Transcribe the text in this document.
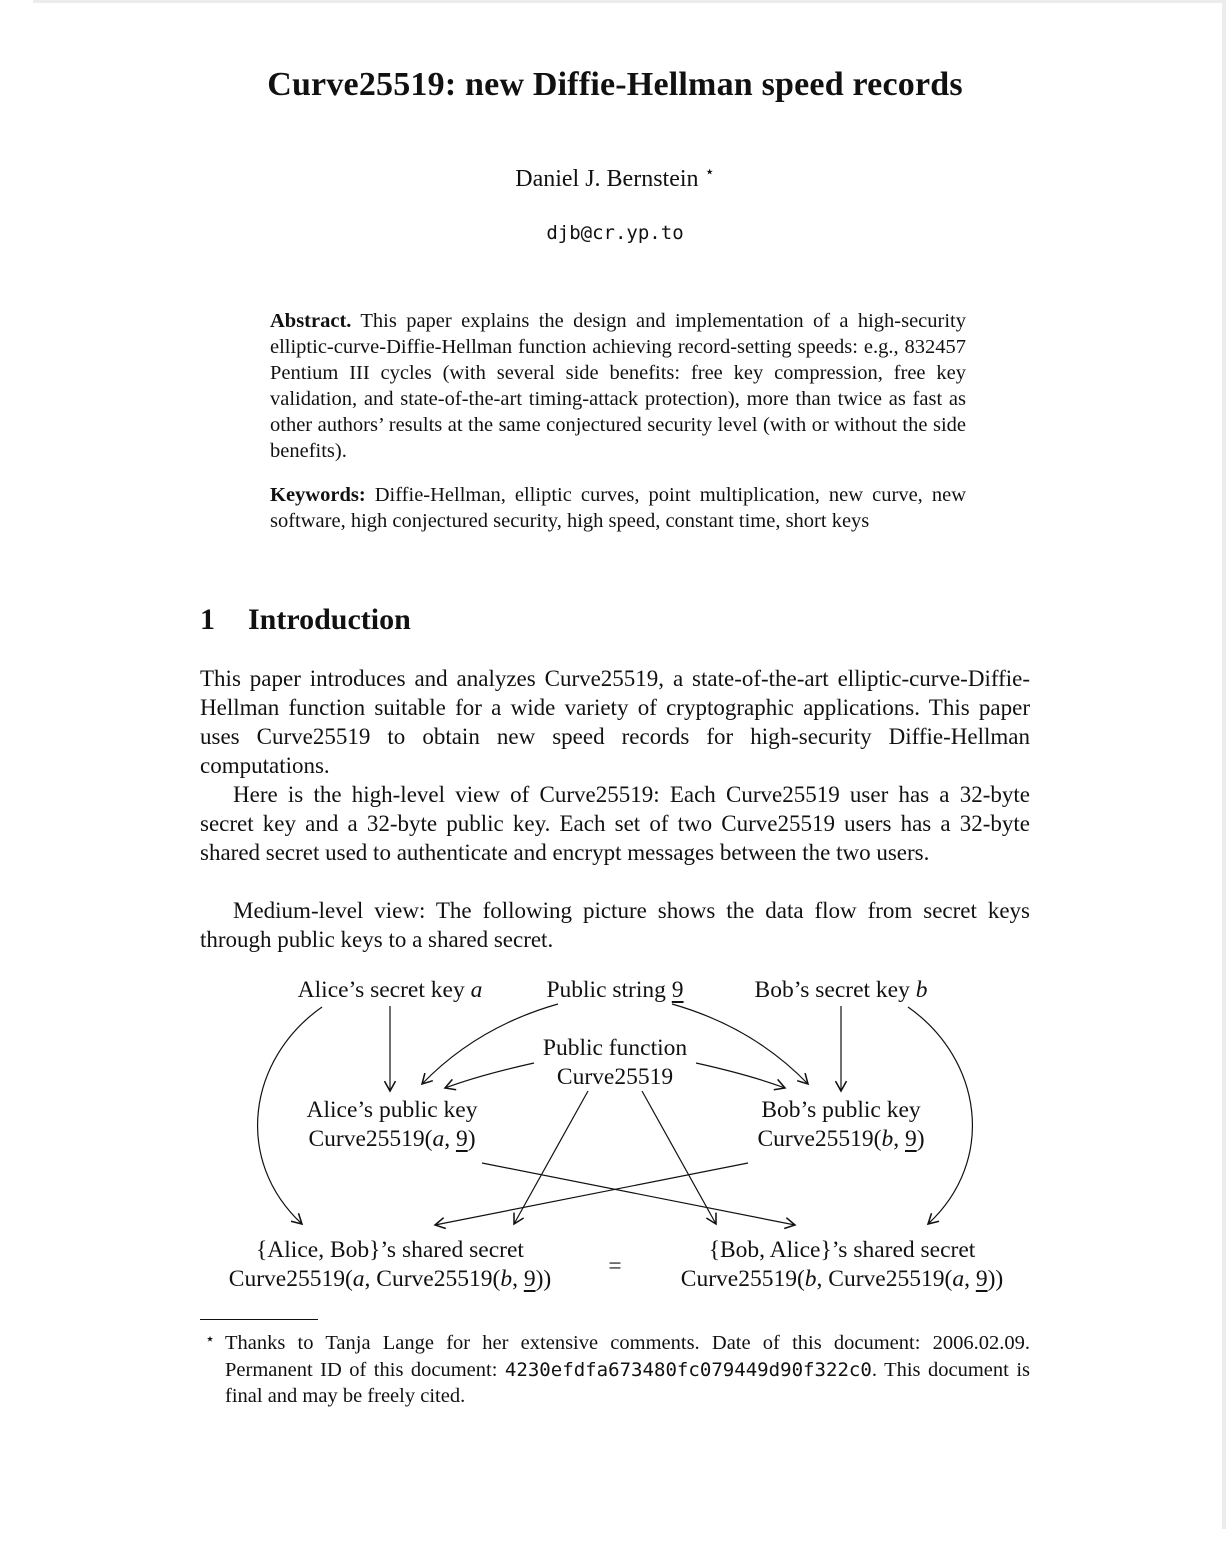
Curve25519: new Diffie-Hellman speed records
Daniel J. Bernstein ⋆
djb@cr.yp.to
Abstract. This paper explains the design and implementation of a high-security elliptic-curve-Diffie-Hellman function achieving record-setting speeds: e.g., 832457 Pentium III cycles (with several side benefits: free key compression, free key validation, and state-of-the-art timing-attack protection), more than twice as fast as other authors’ results at the same conjectured security level (with or without the side benefits).
Keywords: Diffie-Hellman, elliptic curves, point multiplication, new curve, new software, high conjectured security, high speed, constant time, short keys
1 Introduction
This paper introduces and analyzes Curve25519, a state-of-the-art elliptic-curve-Diffie-Hellman function suitable for a wide variety of cryptographic applications. This paper uses Curve25519 to obtain new speed records for high-security Diffie-Hellman computations.
Here is the high-level view of Curve25519: Each Curve25519 user has a 32-byte secret key and a 32-byte public key. Each set of two Curve25519 users has a 32-byte shared secret used to authenticate and encrypt messages between the two users.
Medium-level view: The following picture shows the data flow from secret keys through public keys to a shared secret.
Alice’s secret key a	Public string 9	Bob’s secret key b
Public function
Curve25519
Alice’s public key
Curve25519(a, 9)
Bob’s public key
Curve25519(b, 9)
{Alice, Bob}’s shared secret
Curve25519(a, Curve25519(b, 9)) =
{Bob, Alice}’s shared secret
Curve25519(b, Curve25519(a, 9))
⋆ Thanks to Tanja Lange for her extensive comments. Date of this document: 2006.02.09. Permanent ID of this document: 4230efdfa673480fc079449d90f322c0. This document is final and may be freely cited.
